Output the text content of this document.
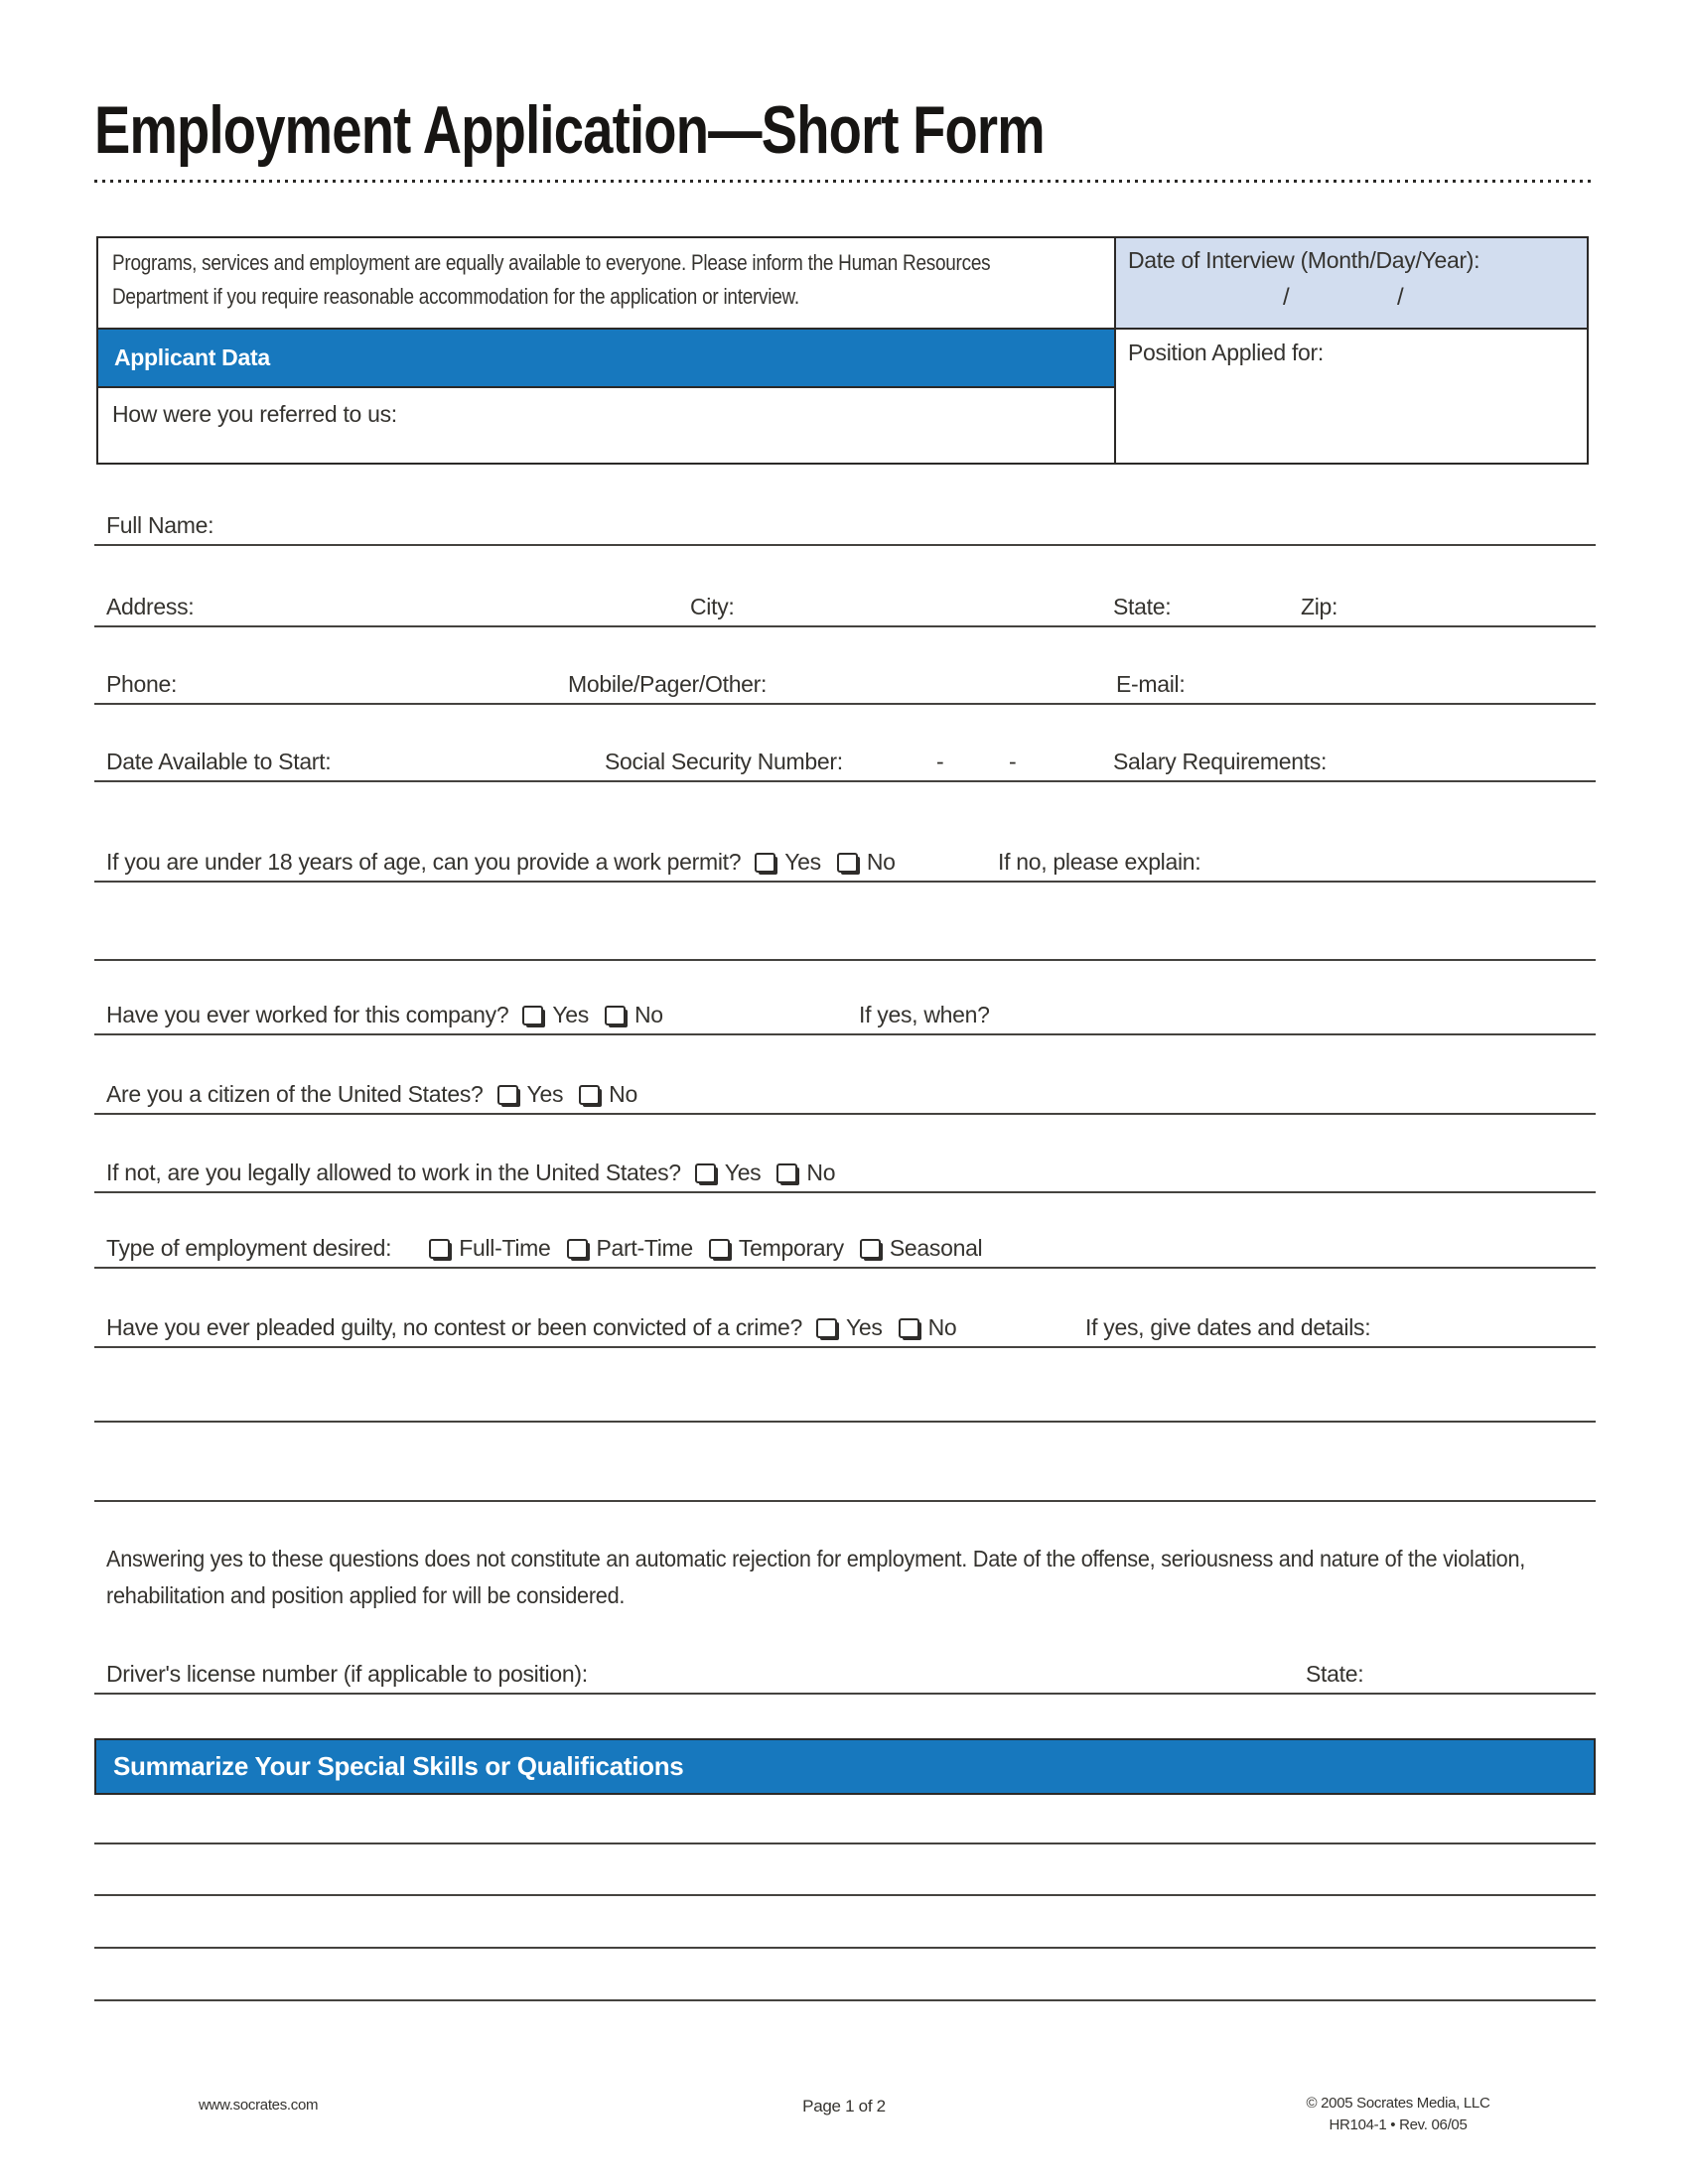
Employment Application—Short Form

Programs, services and employment are equally available to everyone. Please inform the Human Resources Department if you require reasonable accommodation for the application or interview.

Date of Interview (Month/Day/Year):
/	/
Applicant Data	Position Applied for:
How were you referred to us:
Full Name:
Address:	City:	State:	Zip:
Phone:	Mobile/Pager/Other:	E-mail:
Date Available to Start:	Social Security Number:	-	-	Salary Requirements:
If you are under 18 years of age, can you provide a work permit? Yes No	If no, please explain:
Have you ever worked for this company? Yes No	If yes, when?
Are you a citizen of the United States? Yes No
If not, are you legally allowed to work in the United States? Yes No
Type of employment desired:	Full-Time Part-Time Temporary Seasonal
Have you ever pleaded guilty, no contest or been convicted of a crime? Yes No	If yes, give dates and details:

Answering yes to these questions does not constitute an automatic rejection for employment. Date of the offense, seriousness and nature of the violation, rehabilitation and position applied for will be considered.

Driver's license number (if applicable to position):	State:
Summarize Your Special Skills or Qualifications
www.socrates.com	Page 1 of 2	© 2005 Socrates Media, LLC
HR104-1 • Rev. 06/05
